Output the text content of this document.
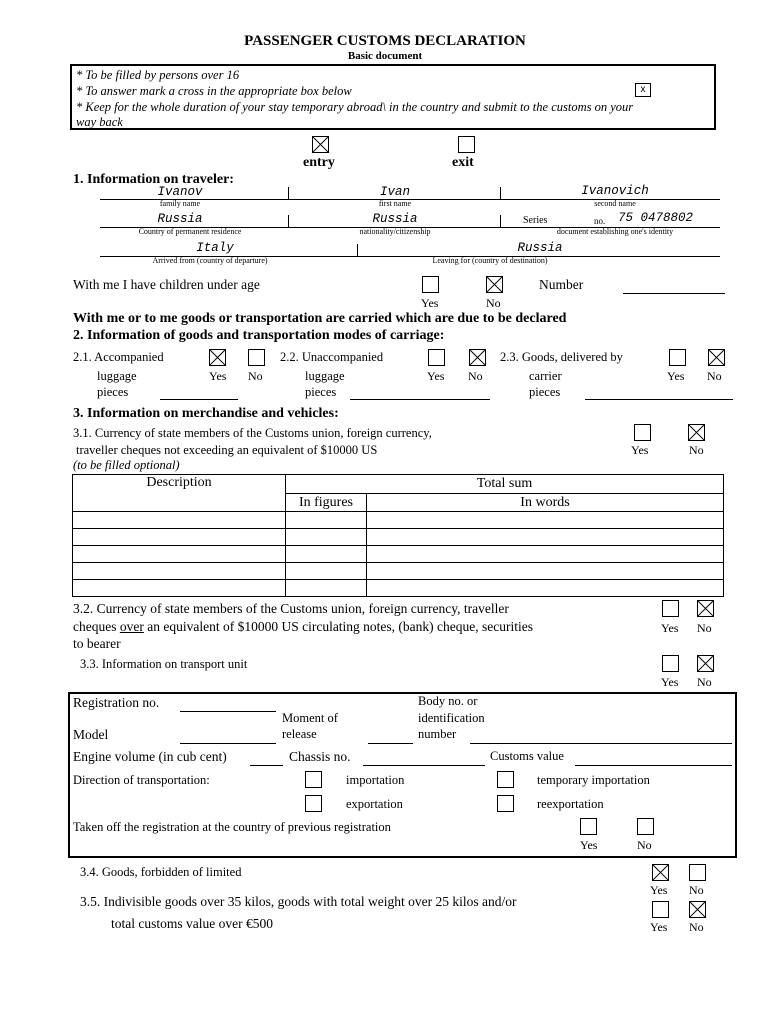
PASSENGER CUSTOMS DECLARATION
Basic document
* To be filled by persons over 16
* To answer mark a cross in the appropriate box below	x
* Keep for the whole duration of your stay temporary abroad\ in the country and submit to the customs on your
way back
entry	exit
1. Information on traveler:
Ivanov	Ivan	Ivanovich
family name	first name	second name
Russia	Russia	Series	no. 75 0478802
Country of permanent residence	nationality/citizenship	document establishing one's identity
Italy	Russia
Arrived from (country of departure)	Leaving for (country of destination)
With me I have children under age
Yes	No
Number
With me or to me goods or transportation are carried which are due to be declared
2. Information of goods and transportation modes of carriage:
2.1. Accompanied
luggage
pieces
Yes No
2.2. Unaccompanied
luggage
pieces
Yes No
2.3. Goods, delivered by
carrier
pieces
Yes No
3. Information on merchandise and vehicles:
3.1. Currency of state members of the Customs union, foreign currency,
traveller cheques not exceeding an equivalent of $10000 US
(to be filled optional)
Yes	No
Description	Total sum	
	In figures	In words

3.2. Currency of state members of the Customs union, foreign currency, traveller
cheques over an equivalent of $10000 US circulating notes, (bank) cheque, securities
to bearer
Yes No
3.3. Information on transport unit
Yes No
Registration no.
Moment of
release
Body no. or
identification
number
Model
Engine volume (in cub cent)	Chassis no.	Customs value
Direction of transportation:	importation	temporary importation
exportation	reexportation
Taken off the registration at the country of previous registration
Yes	No
3.4. Goods, forbidden of limited
Yes No
3.5. Indivisible goods over 35 kilos, goods with total weight over 25 kilos and/or
total customs value over €500	Yes No
